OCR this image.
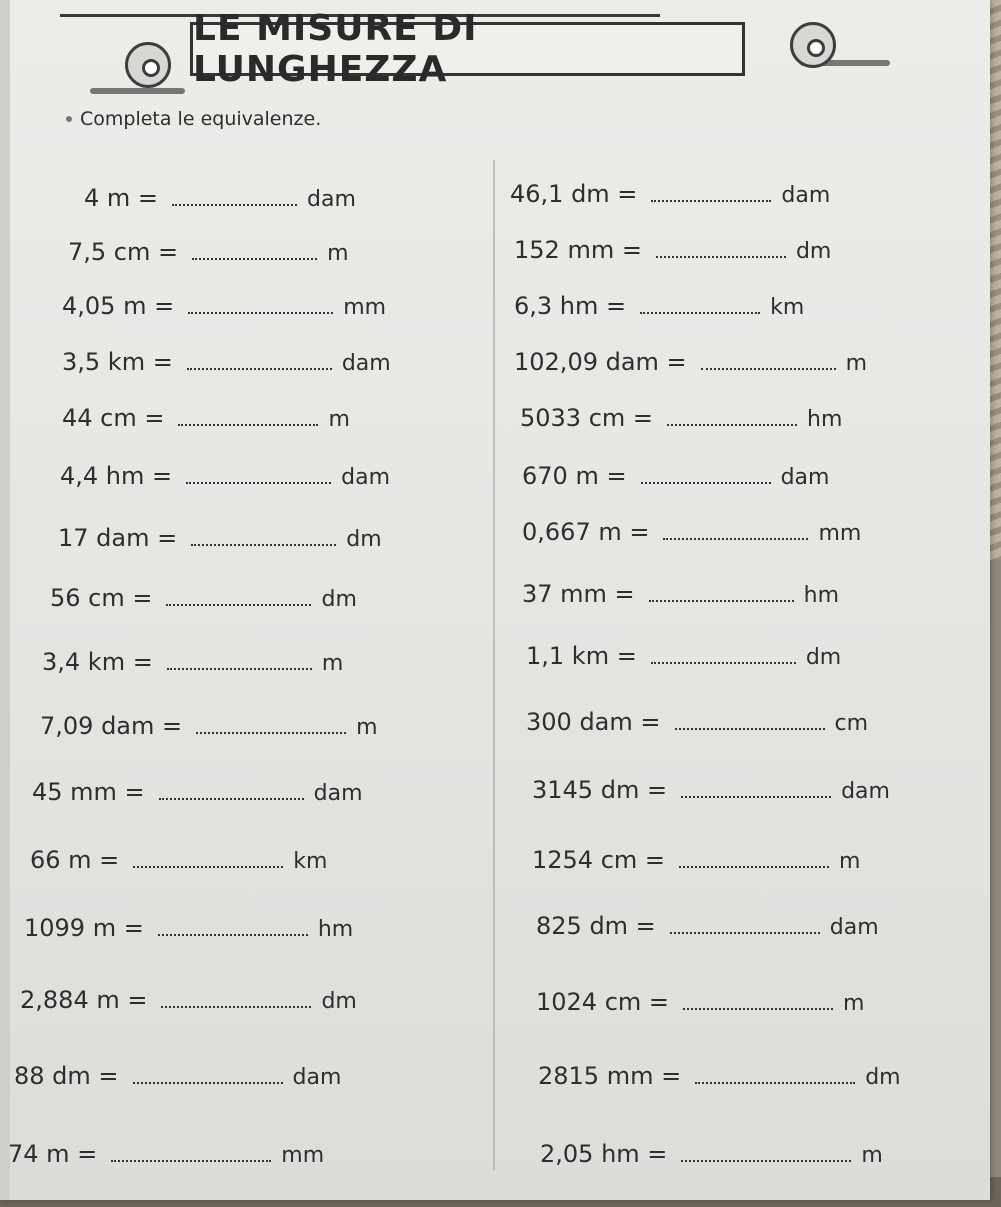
LE MISURE DI LUNGHEZZA
Completa le equivalenze.
4 m =	dam
7,5 cm =	m
4,05 m =	mm
3,5 km =	dam
44 cm =	m
4,4 hm =	dam
17 dam =	dm
56 cm =	dm
3,4 km =	m
7,09 dam =	m
45 mm =	dam
66 m =	km
1099 m =	hm
2,884 m =	dm
88 dm =	dam
74 m =	mm
46,1 dm =	dam
152 mm =	dm
6,3 hm =	km
102,09 dam =	m
5033 cm =	hm
670 m =	dam
0,667 m =	mm
37 mm =	hm
1,1 km =	dm
300 dam =	cm
3145 dm =	dam
1254 cm =	m
825 dm =	dam
1024 cm =	m
2815 mm =	dm
2,05 hm =	m
